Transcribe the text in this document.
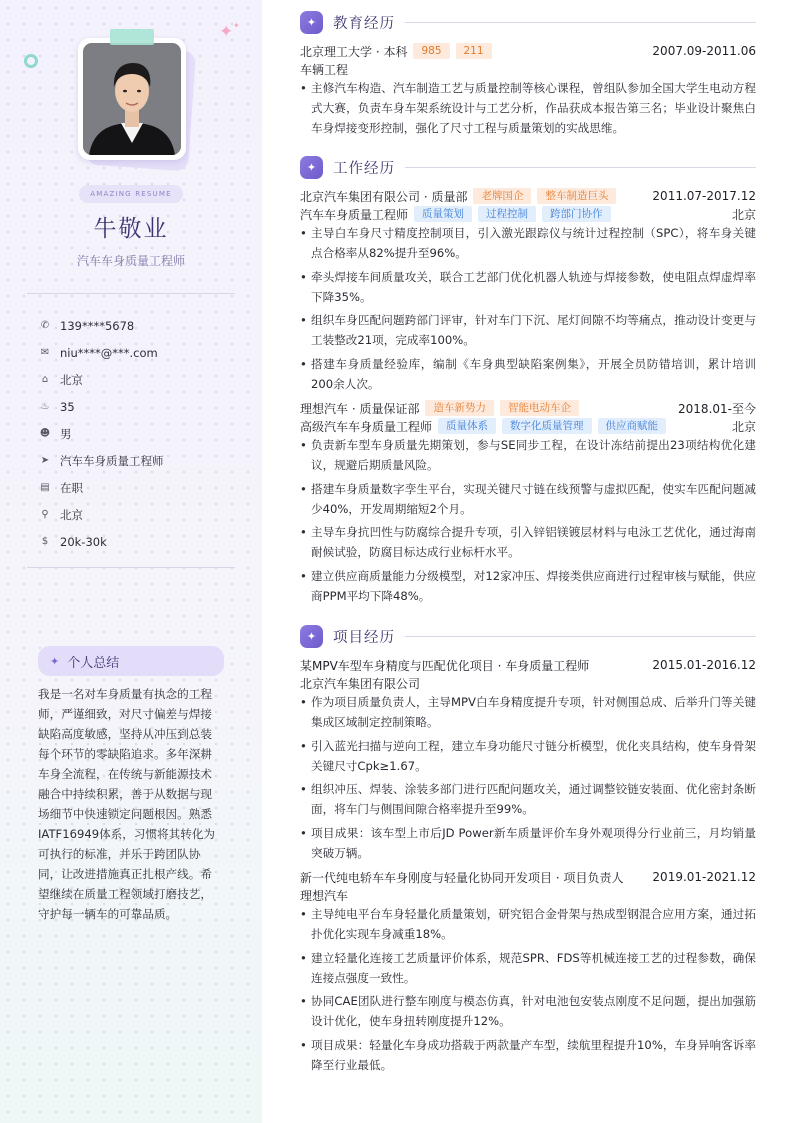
✦ ✦
AMAZING RESUME
牛敬业
汽车车身质量工程师
✆ 139****5678
✉ niu****@***.com
⌂	北京
♨ 35
☻ 男
➤ 汽车车身质量工程师
▤ 在职
⚲ 北京
$	20k-30k
✦ 个人总结

我是一名对车身质量有执念的工程师，严谨细致，对尺寸偏差与焊接缺陷高度敏感，坚持从冲压到总装每个环节的零缺陷追求。多年深耕车身全流程，在传统与新能源技术融合中持续积累，善于从数据与现场细节中快速锁定问题根因。熟悉IATF16949体系，习惯将其转化为可执行的标准，并乐于跨团队协同，让改进措施真正扎根产线。希望继续在质量工程领域打磨技艺，守护每一辆车的可靠品质。

✦	教育经历
北京理工大学 · 本科	985	211	2007.09-2011.06
车辆工程
• 主修汽车构造、汽车制造工艺与质量控制等核心课程，曾组队参加全国大学生电动方程式大赛，负责车身车架系统设计与工艺分析，作品获成本报告第三名；毕业设计聚焦白车身焊接变形控制，强化了尺寸工程与质量策划的实战思维。
✦	工作经历
北京汽车集团有限公司 · 质量部	老牌国企	整车制造巨头	2011.07-2017.12
汽车车身质量工程师	质量策划	过程控制	跨部门协作	北京
• 主导白车身尺寸精度控制项目，引入激光跟踪仪与统计过程控制（SPC），将车身关键点合格率从82%提升至96%。
• 牵头焊接车间质量攻关，联合工艺部门优化机器人轨迹与焊接参数，使电阻点焊虚焊率下降35%。
• 组织车身匹配问题跨部门评审，针对车门下沉、尾灯间隙不均等痛点，推动设计变更与工装整改21项，完成率100%。
• 搭建车身质量经验库，编制《车身典型缺陷案例集》，开展全员防错培训，累计培训200余人次。
理想汽车 · 质量保证部	造车新势力	智能电动车企	2018.01-至今
高级汽车车身质量工程师	质量体系	数字化质量管理	供应商赋能	北京
• 负责新车型车身质量先期策划，参与SE同步工程，在设计冻结前提出23项结构优化建议，规避后期质量风险。
• 搭建车身质量数字孪生平台，实现关键尺寸链在线预警与虚拟匹配，使实车匹配问题减少40%，开发周期缩短2个月。
• 主导车身抗凹性与防腐综合提升专项，引入锌铝镁镀层材料与电泳工艺优化，通过海南耐候试验，防腐目标达成行业标杆水平。
• 建立供应商质量能力分级模型，对12家冲压、焊接类供应商进行过程审核与赋能，供应商PPM平均下降48%。
✦	项目经历
某MPV车型车身精度与匹配优化项目 · 车身质量工程师	2015.01-2016.12
北京汽车集团有限公司
• 作为项目质量负责人，主导MPV白车身精度提升专项，针对侧围总成、后举升门等关键集成区域制定控制策略。
• 引入蓝光扫描与逆向工程，建立车身功能尺寸链分析模型，优化夹具结构，使车身骨架关键尺寸Cpk≥1.67。
• 组织冲压、焊装、涂装多部门进行匹配问题攻关，通过调整铰链安装面、优化密封条断面，将车门与侧围间隙合格率提升至99%。
• 项目成果：该车型上市后JD Power新车质量评价车身外观项得分行业前三，月均销量突破万辆。
新一代纯电轿车车身刚度与轻量化协同开发项目 · 项目负责人 2019.01-2021.12
理想汽车
• 主导纯电平台车身轻量化质量策划，研究铝合金骨架与热成型钢混合应用方案，通过拓扑优化实现车身减重18%。
• 建立轻量化连接工艺质量评价体系，规范SPR、FDS等机械连接工艺的过程参数，确保连接点强度一致性。
• 协同CAE团队进行整车刚度与模态仿真，针对电池包安装点刚度不足问题，提出加强筋设计优化，使车身扭转刚度提升12%。
• 项目成果：轻量化车身成功搭载于两款量产车型，续航里程提升10%，车身异响客诉率降至行业最低。
